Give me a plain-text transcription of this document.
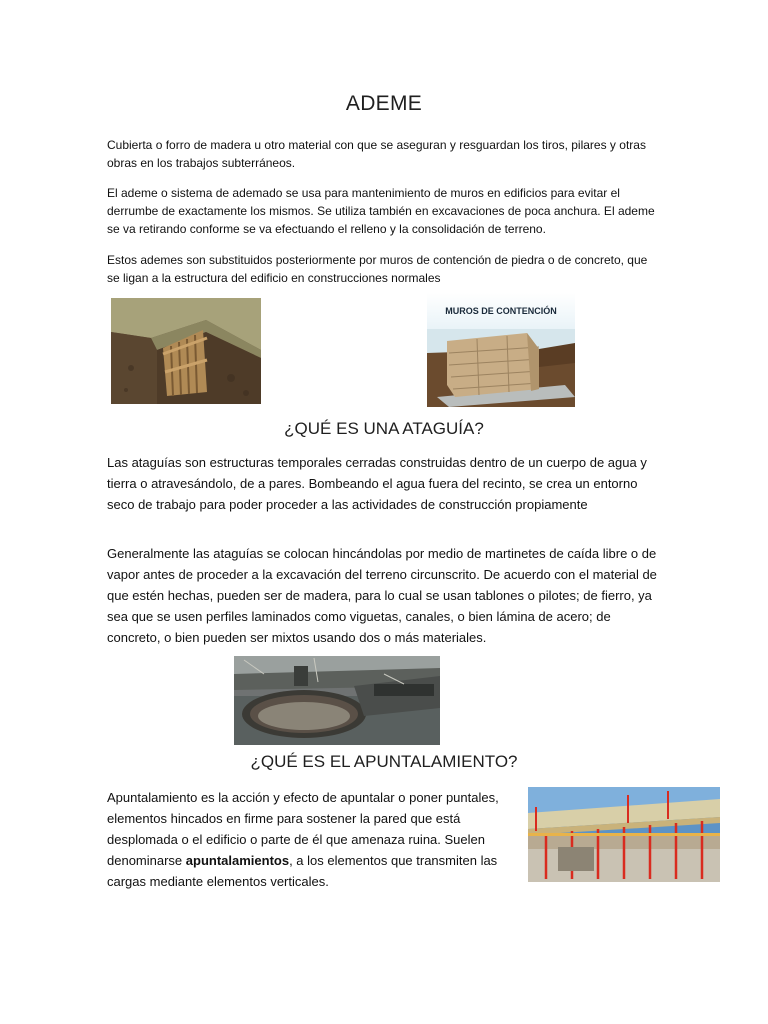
ADEME

Cubierta o forro de madera u otro material con que se aseguran y resguardan los tiros, pilares y otras obras en los trabajos subterráneos.

El ademe o sistema de ademado se usa para mantenimiento de muros en edificios para evitar el derrumbe de exactamente los mismos. Se utiliza también en excavaciones de poca anchura. El ademe se va retirando conforme se va efectuando el relleno y la consolidación de terreno.

Estos ademes son substituidos posteriormente por muros de contención de piedra o de concreto, que se ligan a la estructura del edificio en construcciones normales

MUROS DE CONTENCIÓN
¿QUÉ ES UNA ATAGUÍA?

Las ataguías son estructuras temporales cerradas construidas dentro de un cuerpo de agua y tierra o atravesándolo, de a pares. Bombeando el agua fuera del recinto, se crea un entorno seco de trabajo para poder proceder a las actividades de construcción propiamente

Generalmente las ataguías se colocan hincándolas por medio de martinetes de caída libre o de vapor antes de proceder a la excavación del terreno circunscrito. De acuerdo con el material de que estén hechas, pueden ser de madera, para lo cual se usan tablones o pilotes; de fierro, ya sea que se usen perfiles laminados como viguetas, canales, o bien lámina de acero; de concreto, o bien pueden ser mixtos usando dos o más materiales.

¿QUÉ ES EL APUNTALAMIENTO?

Apuntalamiento es la acción y efecto de apuntalar o poner puntales, elementos hincados en firme para sostener la pared que está desplomada o el edificio o parte de él que amenaza ruina. Suelen denominarse apuntalamientos, a los elementos que transmiten las cargas mediante elementos verticales.
